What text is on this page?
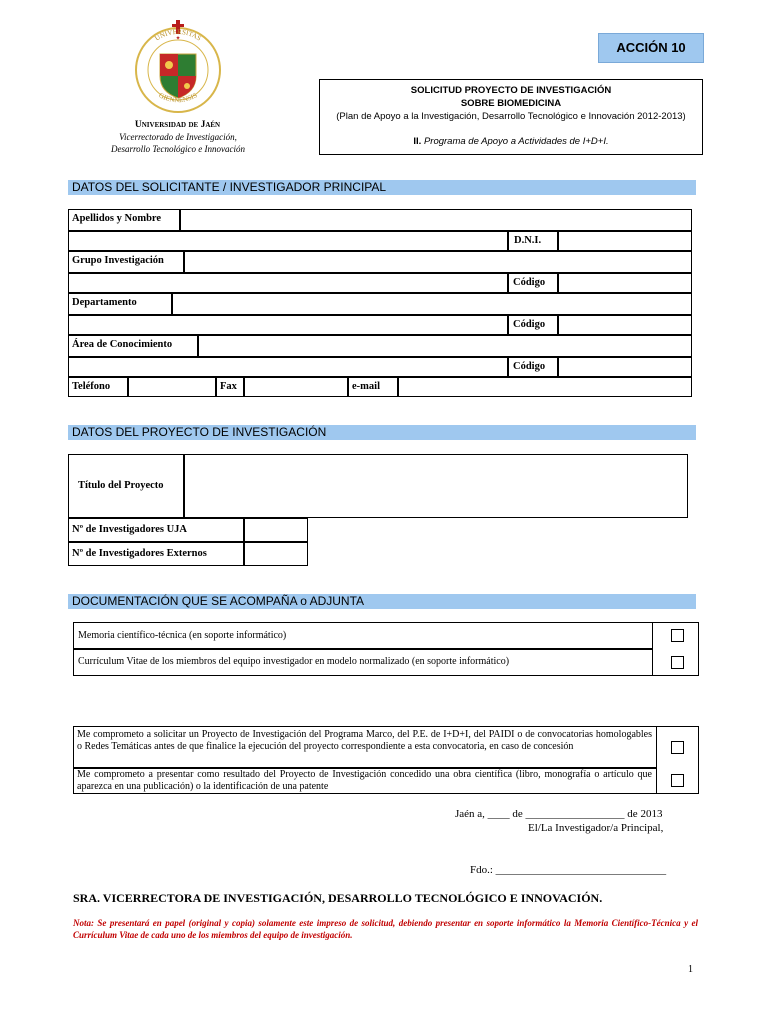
✦
UNIVERSITAS
GIENNENSIS
Universidad de Jaén
Vicerrectorado de Investigación,
Desarrollo Tecnológico e Innovación
ACCIÓN 10
SOLICITUD PROYECTO DE INVESTIGACIÓN
SOBRE BIOMEDICINA
(Plan de Apoyo a la Investigación, Desarrollo Tecnológico e Innovación 2012-2013)
II. Programa de Apoyo a Actividades de I+D+I.
DATOS DEL SOLICITANTE / INVESTIGADOR PRINCIPAL
Apellidos y Nombre
D.N.I.
Grupo Investigación
Código
Departamento
Código
Área de Conocimiento
Código
Teléfono	Fax	e-mail
DATOS DEL PROYECTO DE INVESTIGACIÓN
Título del Proyecto
Nº de Investigadores UJA
Nº de Investigadores Externos
DOCUMENTACIÓN QUE SE ACOMPAÑA o ADJUNTA
Memoria científico-técnica (en soporte informático)
Currículum Vitae de los miembros del equipo investigador en modelo normalizado (en soporte informático)
Me comprometo a solicitar un Proyecto de Investigación del Programa Marco, del P.E. de I+D+I, del PAIDI o de convocatorias homologables o Redes Temáticas antes de que finalice la ejecución del proyecto correspondiente a esta convocatoria, en caso de concesión
Me comprometo a presentar como resultado del Proyecto de Investigación concedido una obra científica (libro, monografía o artículo que aparezca en una publicación) o la identificación de una patente
Jaén a, ____ de __________________ de 2013
El/La Investigador/a Principal,
Fdo.: _______________________________
SRA. VICERRECTORA DE INVESTIGACIÓN, DESARROLLO TECNOLÓGICO E INNOVACIÓN.
Nota: Se presentará en papel (original y copia) solamente este impreso de solicitud, debiendo presentar en soporte informático la Memoria Científico-Técnica y el Currículum Vitae de cada uno de los miembros del equipo de investigación.
1
